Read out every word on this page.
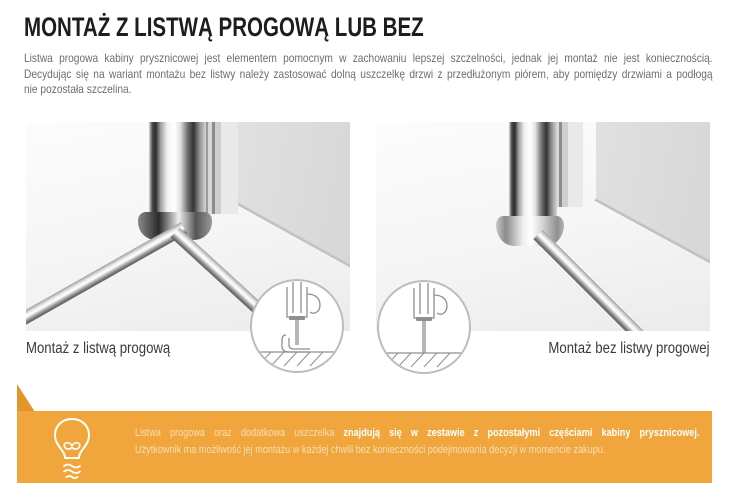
MONTAŻ Z LISTWĄ PROGOWĄ LUB BEZ
Listwa progowa kabiny prysznicowej jest elementem pomocnym w zachowaniu lepszej szczelności, jednak jej montaż nie jest koniecznością.
Decydując się na wariant montażu bez listwy należy zastosować dolną uszczelkę drzwi z przedłużonym piórem, aby pomiędzy drzwiami a podłogą
nie pozostała szczelina.
Montaż z listwą progową	Montaż bez listwy progowej
Listwa progowa oraz dodatkowa uszczelka znajdują się w zestawie z pozostałymi częściami kabiny prysznicowej.
Użytkownik ma możliwość jej montażu w każdej chwili bez konieczności podejmowania decyzji w momencie zakupu.
